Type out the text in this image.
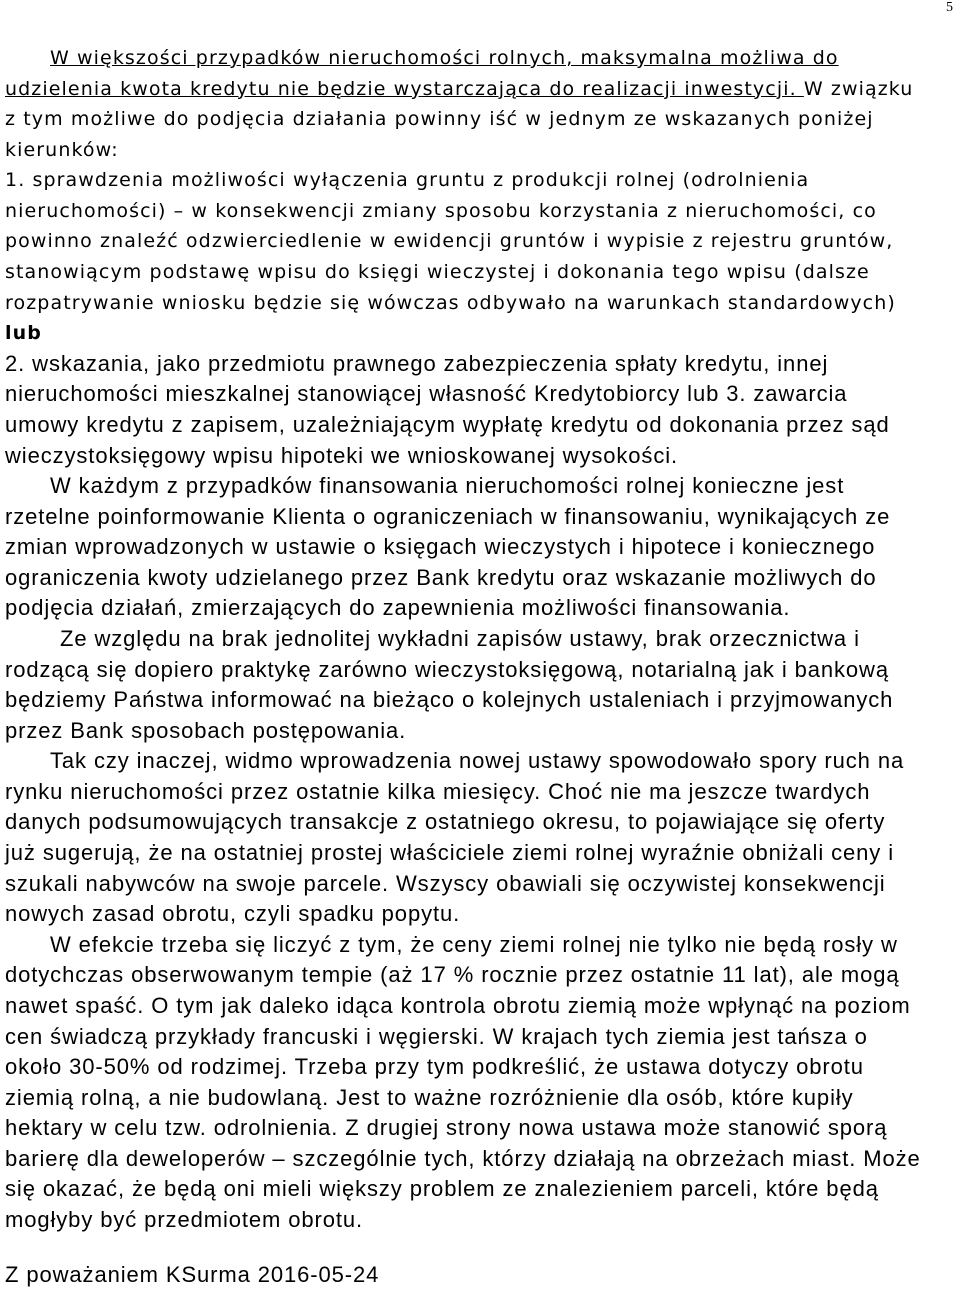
5
W większości przypadków nieruchomości rolnych, maksymalna możliwa do
udzielenia kwota kredytu nie będzie wystarczająca do realizacji inwestycji. W związku
z tym możliwe do podjęcia działania powinny iść w jednym ze wskazanych poniżej
kierunków:
1. sprawdzenia możliwości wyłączenia gruntu z produkcji rolnej (odrolnienia
nieruchomości) – w konsekwencji zmiany sposobu korzystania z nieruchomości, co
powinno znaleźć odzwierciedlenie w ewidencji gruntów i wypisie z rejestru gruntów,
stanowiącym podstawę wpisu do księgi wieczystej i dokonania tego wpisu (dalsze
rozpatrywanie wniosku będzie się wówczas odbywało na warunkach standardowych)
lub
2. wskazania, jako przedmiotu prawnego zabezpieczenia spłaty kredytu, innej
nieruchomości mieszkalnej stanowiącej własność Kredytobiorcy lub 3. zawarcia
umowy kredytu z zapisem, uzależniającym wypłatę kredytu od dokonania przez sąd
wieczystoksięgowy wpisu hipoteki we wnioskowanej wysokości.
W każdym z przypadków finansowania nieruchomości rolnej konieczne jest
rzetelne poinformowanie Klienta o ograniczeniach w finansowaniu, wynikających ze
zmian wprowadzonych w ustawie o księgach wieczystych i hipotece i koniecznego
ograniczenia kwoty udzielanego przez Bank kredytu oraz wskazanie możliwych do
podjęcia działań, zmierzających do zapewnienia możliwości finansowania.
Ze względu na brak jednolitej wykładni zapisów ustawy, brak orzecznictwa i
rodzącą się dopiero praktykę zarówno wieczystoksięgową, notarialną jak i bankową
będziemy Państwa informować na bieżąco o kolejnych ustaleniach i przyjmowanych
przez Bank sposobach postępowania.
Tak czy inaczej, widmo wprowadzenia nowej ustawy spowodowało spory ruch na
rynku nieruchomości przez ostatnie kilka miesięcy. Choć nie ma jeszcze twardych
danych podsumowujących transakcje z ostatniego okresu, to pojawiające się oferty
już sugerują, że na ostatniej prostej właściciele ziemi rolnej wyraźnie obniżali ceny i
szukali nabywców na swoje parcele. Wszyscy obawiali się oczywistej konsekwencji
nowych zasad obrotu, czyli spadku popytu.
W efekcie trzeba się liczyć z tym, że ceny ziemi rolnej nie tylko nie będą rosły w
dotychczas obserwowanym tempie (aż 17 % rocznie przez ostatnie 11 lat), ale mogą
nawet spaść. O tym jak daleko idąca kontrola obrotu ziemią może wpłynąć na poziom
cen świadczą przykłady francuski i węgierski. W krajach tych ziemia jest tańsza o
około 30-50% od rodzimej. Trzeba przy tym podkreślić, że ustawa dotyczy obrotu
ziemią rolną, a nie budowlaną. Jest to ważne rozróżnienie dla osób, które kupiły
hektary w celu tzw. odrolnienia. Z drugiej strony nowa ustawa może stanowić sporą
barierę dla deweloperów – szczególnie tych, którzy działają na obrzeżach miast. Może
się okazać, że będą oni mieli większy problem ze znalezieniem parceli, które będą
mogłyby być przedmiotem obrotu.
Z poważaniem KSurma 2016-05-24
